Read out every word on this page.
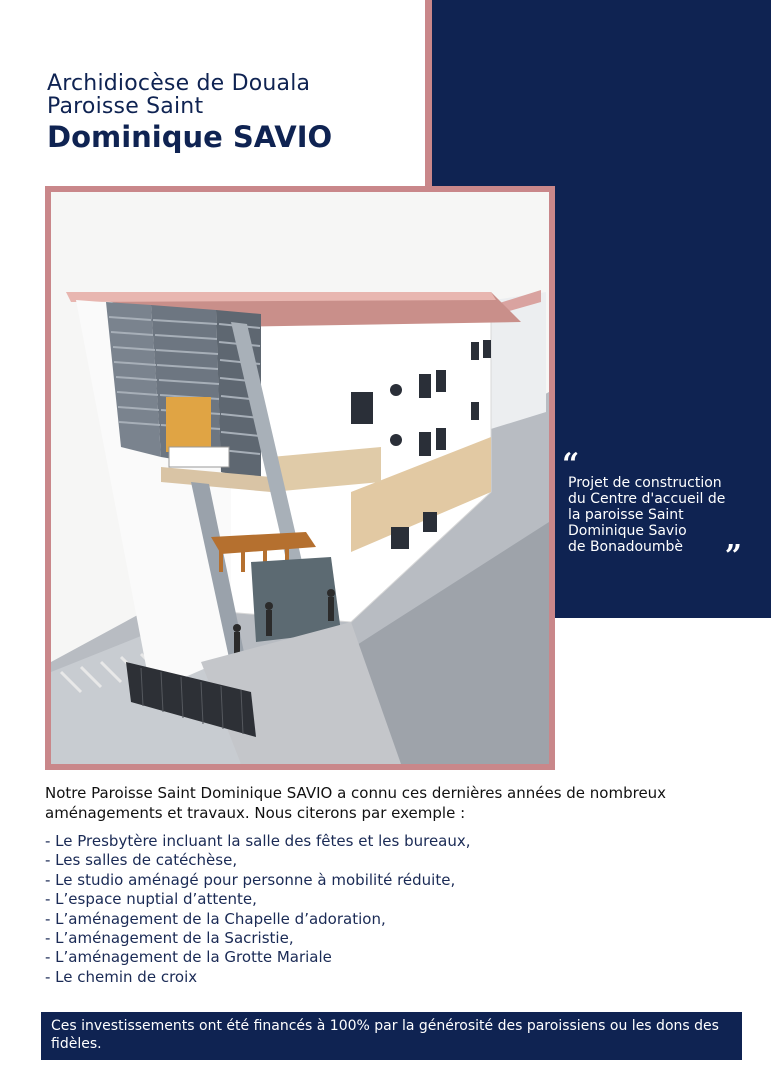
Archidiocèse de Douala
Paroisse Saint
Dominique SAVIO
“
Projet de construction
du Centre d'accueil de
la paroisse Saint
Dominique Savio
de Bonadoumbè	”
Notre Paroisse Saint Dominique SAVIO a connu ces dernières années de nombreux aménagements et travaux. Nous citerons par exemple :
- Le Presbytère incluant la salle des fêtes et les bureaux,
- Les salles de catéchèse,
- Le studio aménagé pour personne à mobilité réduite,
- L’espace nuptial d’attente,
- L’aménagement de la Chapelle d’adoration,
- L’aménagement de la Sacristie,
- L’aménagement de la Grotte Mariale
- Le chemin de croix
Ces investissements ont été financés à 100% par la générosité des paroissiens ou les dons des fidèles.
